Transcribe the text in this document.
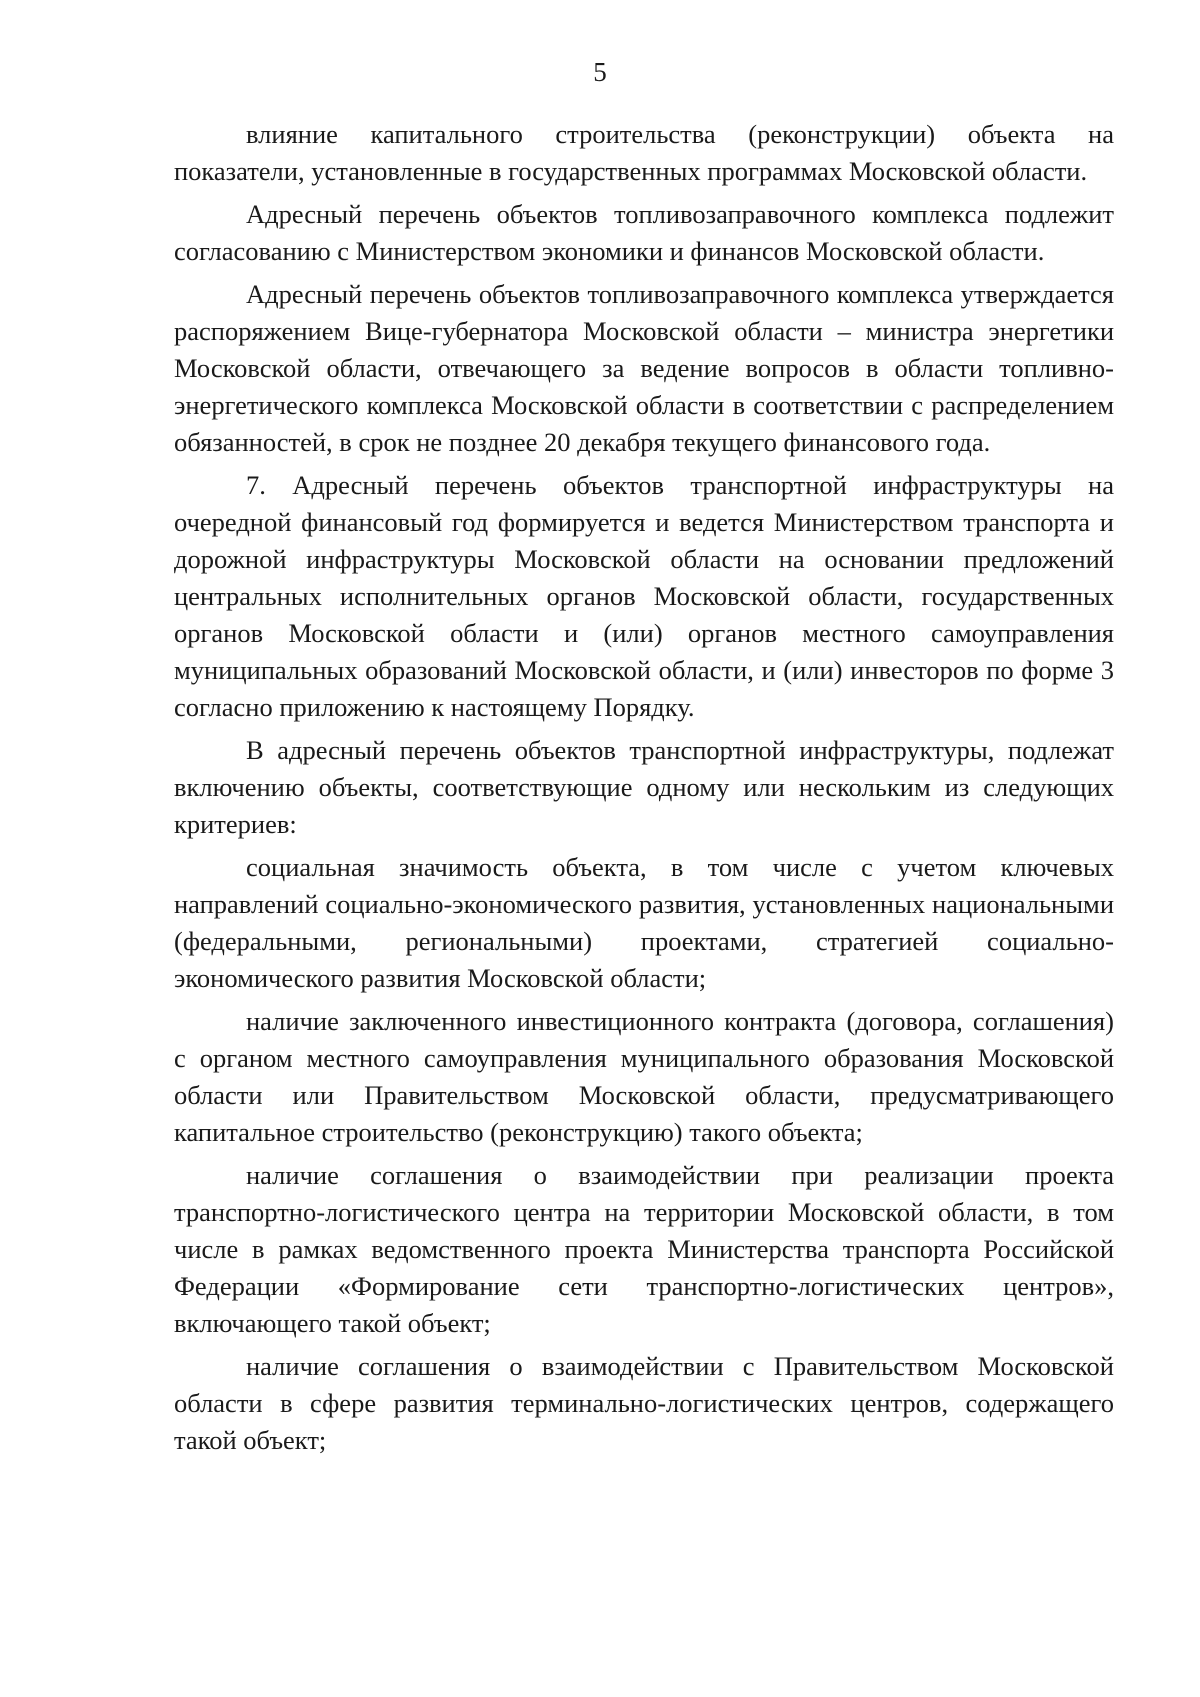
5

влияние капитального строительства (реконструкции) объекта на показатели, установленные в государственных программах Московской области.

Адресный перечень объектов топливозаправочного комплекса подлежит согласованию с Министерством экономики и финансов Московской области.

Адресный перечень объектов топливозаправочного комплекса утверждается распоряжением Вице-губернатора Московской области – министра энергетики Московской области, отвечающего за ведение вопросов в области топливно-энергетического комплекса Московской области в соответствии с распределением обязанностей, в срок не позднее 20 декабря текущего финансового года.

7. Адресный перечень объектов транспортной инфраструктуры на очередной финансовый год формируется и ведется Министерством транспорта и дорожной инфраструктуры Московской области на основании предложений центральных исполнительных органов Московской области, государственных органов Московской области и (или) органов местного самоуправления муниципальных образований Московской области, и (или) инвесторов по форме 3 согласно приложению к настоящему Порядку.

В адресный перечень объектов транспортной инфраструктуры, подлежат включению объекты, соответствующие одному или нескольким из следующих критериев:

социальная значимость объекта, в том числе с учетом ключевых направлений социально-экономического развития, установленных национальными (федеральными, региональными) проектами, стратегией социально-экономического развития Московской области;

наличие заключенного инвестиционного контракта (договора, соглашения) с органом местного самоуправления муниципального образования Московской области или Правительством Московской области, предусматривающего капитальное строительство (реконструкцию) такого объекта;

наличие соглашения о взаимодействии при реализации проекта транспортно-логистического центра на территории Московской области, в том числе в рамках ведомственного проекта Министерства транспорта Российской Федерации «Формирование сети транспортно-логистических центров», включающего такой объект;

наличие соглашения о взаимодействии с Правительством Московской области в сфере развития терминально-логистических центров, содержащего такой объект;
